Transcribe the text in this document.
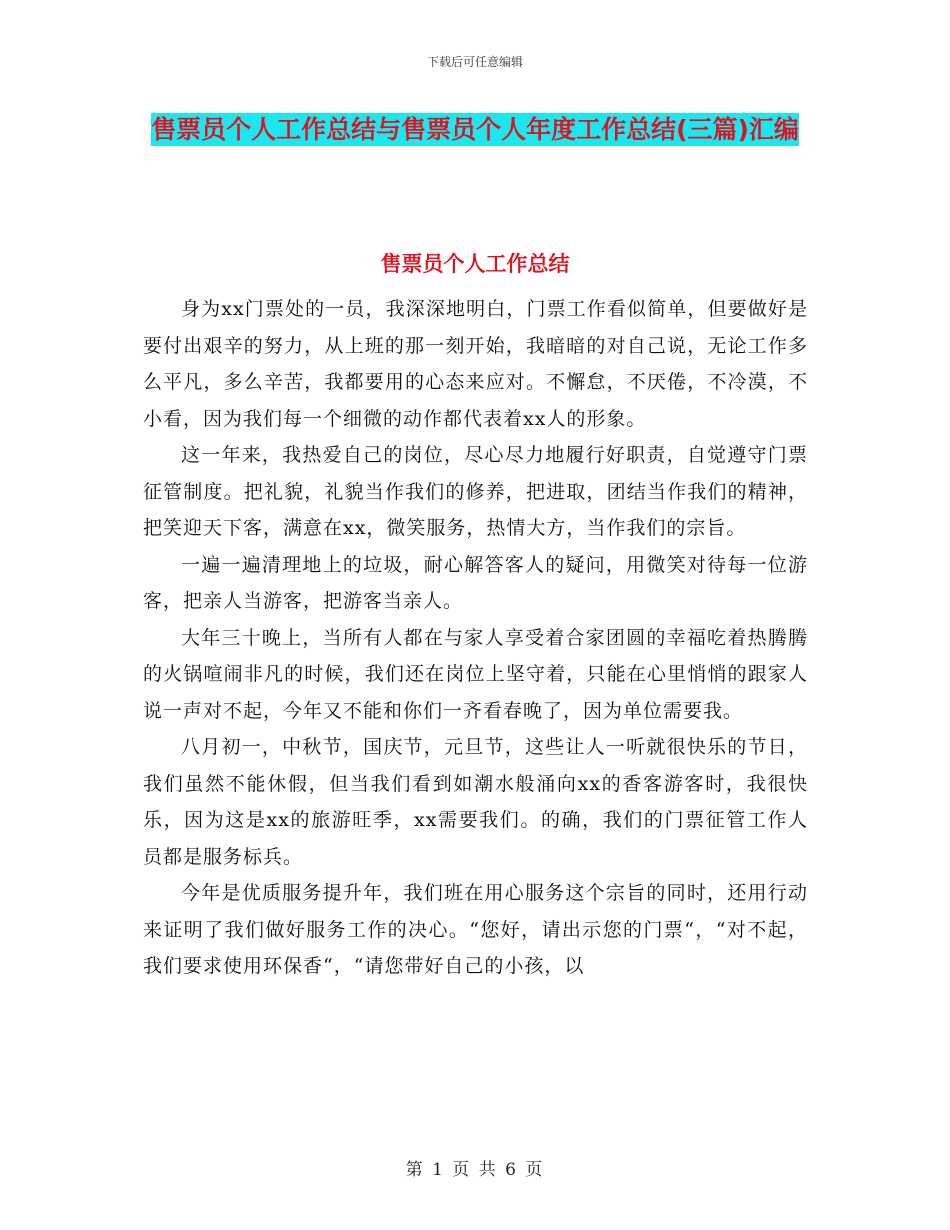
下载后可任意编辑
售票员个人工作总结与售票员个人年度工作总结(三篇)汇编
售票员个人工作总结

身为xx门票处的一员，我深深地明白，门票工作看似简单，但要做好是要付出艰辛的努力，从上班的那一刻开始，我暗暗的对自己说，无论工作多么平凡，多么辛苦，我都要用的心态来应对。不懈怠，不厌倦，不冷漠，不小看，因为我们每一个细微的动作都代表着xx人的形象。

这一年来，我热爱自己的岗位，尽心尽力地履行好职责，自觉遵守门票征管制度。把礼貌，礼貌当作我们的修养，把进取，团结当作我们的精神，把笑迎天下客，满意在xx，微笑服务，热情大方，当作我们的宗旨。

一遍一遍清理地上的垃圾，耐心解答客人的疑问，用微笑对待每一位游客，把亲人当游客，把游客当亲人。

大年三十晚上，当所有人都在与家人享受着合家团圆的幸福吃着热腾腾的火锅喧闹非凡的时候，我们还在岗位上坚守着，只能在心里悄悄的跟家人说一声对不起，今年又不能和你们一齐看春晚了，因为单位需要我。

八月初一，中秋节，国庆节，元旦节，这些让人一听就很快乐的节日，我们虽然不能休假，但当我们看到如潮水般涌向xx的香客游客时，我很快乐，因为这是xx的旅游旺季，xx需要我们。的确，我们的门票征管工作人员都是服务标兵。

今年是优质服务提升年，我们班在用心服务这个宗旨的同时，还用行动来证明了我们做好服务工作的决心。“您好，请出示您的门票“，“对不起，我们要求使用环保香“，“请您带好自己的小孩，以

第 1 页 共 6 页
